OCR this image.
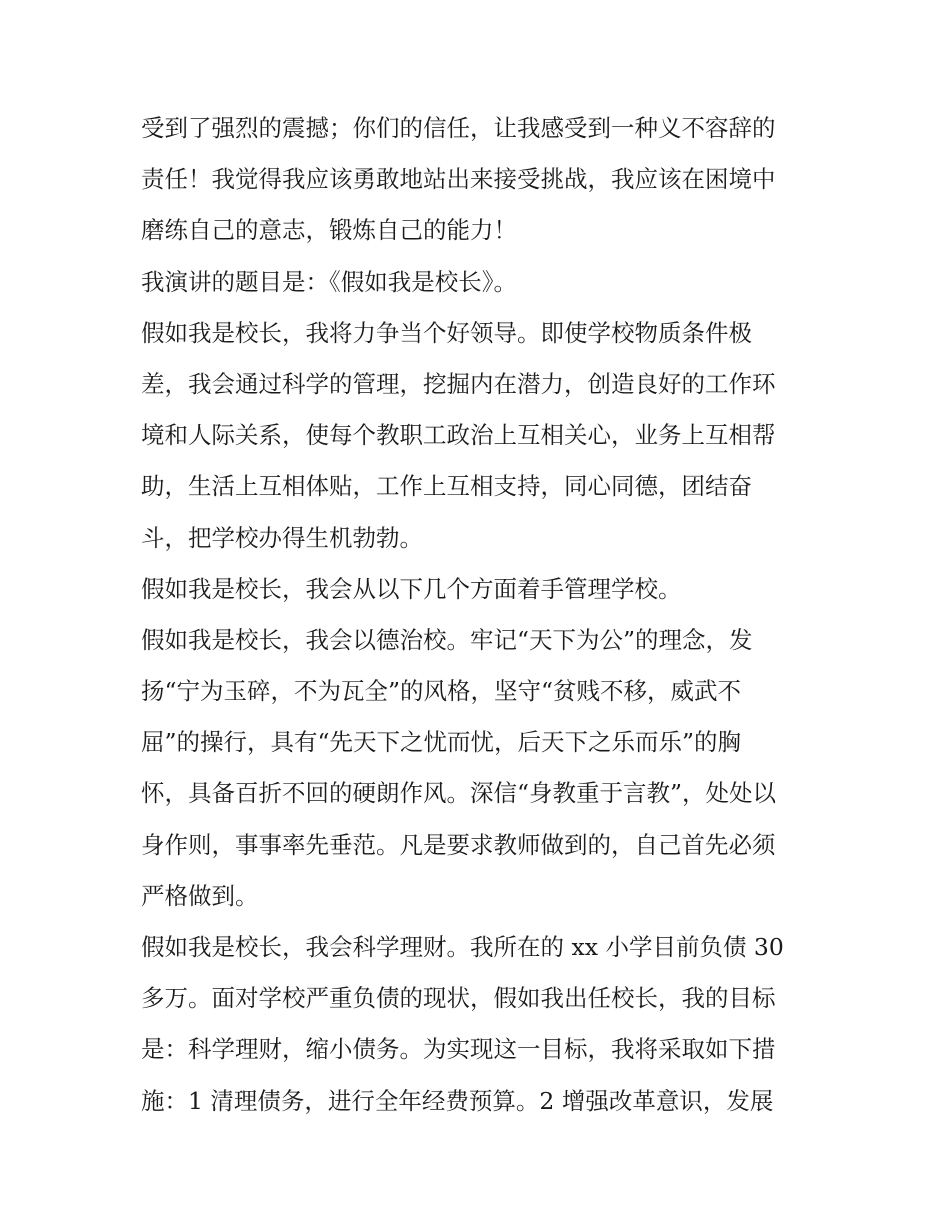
受到了强烈的震撼；你们的信任，让我感受到一种义不容辞的
责任！我觉得我应该勇敢地站出来接受挑战，我应该在困境中
磨练自己的意志，锻炼自己的能力！
我演讲的题目是：《假如我是校长》。
假如我是校长，我将力争当个好领导。即使学校物质条件极
差，我会通过科学的管理，挖掘内在潜力，创造良好的工作环
境和人际关系，使每个教职工政治上互相关心，业务上互相帮
助，生活上互相体贴，工作上互相支持，同心同德，团结奋
斗，把学校办得生机勃勃。
假如我是校长，我会从以下几个方面着手管理学校。
假如我是校长，我会以德治校。牢记“天下为公”的理念，发
扬“宁为玉碎，不为瓦全”的风格，坚守“贫贱不移，威武不
屈”的操行，具有“先天下之忧而忧，后天下之乐而乐”的胸
怀，具备百折不回的硬朗作风。深信“身教重于言教”，处处以
身作则，事事率先垂范。凡是要求教师做到的，自己首先必须
严格做到。
假如我是校长，我会科学理财。我所在的 xx 小学目前负债 30
多万。面对学校严重负债的现状，假如我出任校长，我的目标
是：科学理财，缩小债务。为实现这一目标，我将采取如下措
施：1 清理债务，进行全年经费预算。2 增强改革意识，发展
